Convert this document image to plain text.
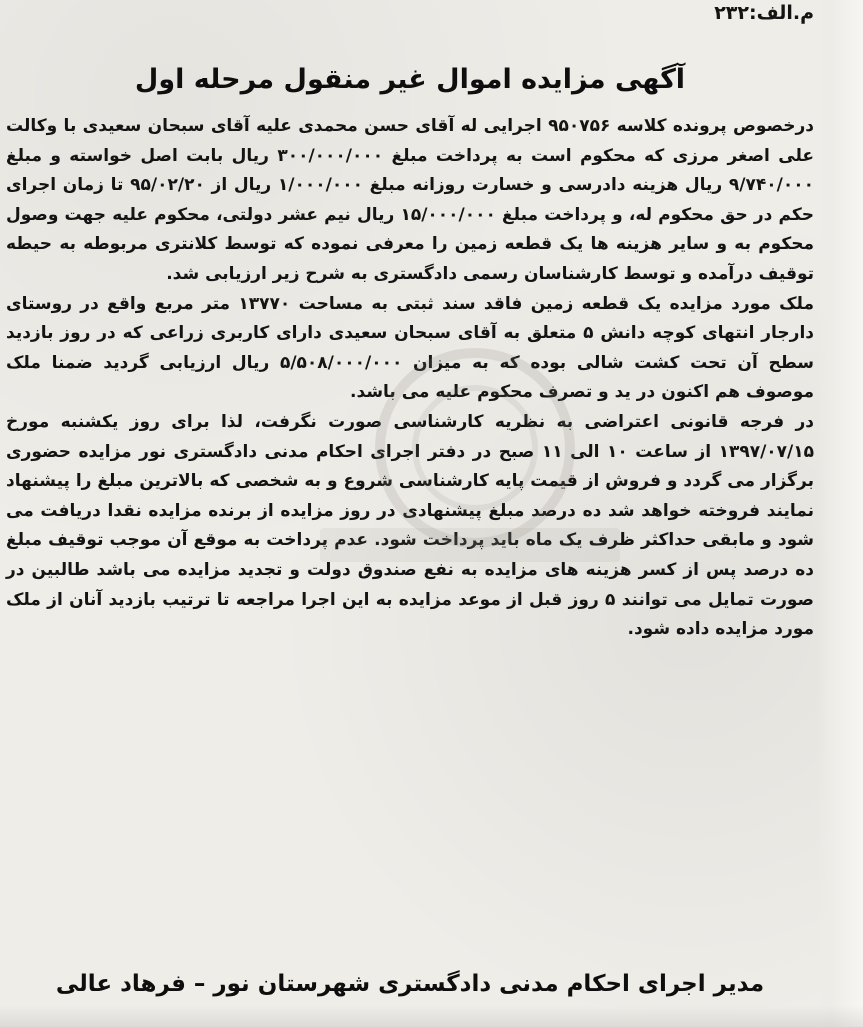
م.الف:۲۳۲
آگهی مزایده اموال غیر منقول مرحله اول

درخصوص پرونده کلاسه ۹۵۰۷۵۶ اجرایی له آقای حسن محمدی علیه آقای سبحان سعیدی با وکالت علی اصغر مرزی که محکوم است به پرداخت مبلغ ۳۰۰/۰۰۰/۰۰۰ ریال بابت اصل خواسته و مبلغ ۹/۷۴۰/۰۰۰ ریال هزینه دادرسی و خسارت روزانه مبلغ ۱/۰۰۰/۰۰۰ ریال از ۹۵/۰۲/۲۰ تا زمان اجرای حکم در حق محکوم له، و پرداخت مبلغ ۱۵/۰۰۰/۰۰۰ ریال نیم عشر دولتی، محکوم علیه جهت وصول محکوم به و سایر هزینه ها یک قطعه زمین را معرفی نموده که توسط کلانتری مربوطه به حیطه توقیف درآمده و توسط کارشناسان رسمی دادگستری به شرح زیر ارزیابی شد.

ملک مورد مزایده یک قطعه زمین فاقد سند ثبتی به مساحت ۱۳۷۷۰ متر مربع واقع در روستای دارجار انتهای کوچه دانش ۵ متعلق به آقای سبحان سعیدی دارای کاربری زراعی که در روز بازدید سطح آن تحت کشت شالی بوده که به میزان ۵/۵۰۸/۰۰۰/۰۰۰ ریال ارزیابی گردید ضمنا ملک موصوف هم اکنون در ید و تصرف محکوم علیه می باشد.

در فرجه قانونی اعتراضی به نظریه کارشناسی صورت نگرفت، لذا برای روز یکشنبه مورخ ۱۳۹۷/۰۷/۱۵ از ساعت ۱۰ الی ۱۱ صبح در دفتر اجرای احکام مدنی دادگستری نور مزایده حضوری برگزار می گردد و فروش از قیمت پایه کارشناسی شروع و به شخصی که بالاترین مبلغ را پیشنهاد نمایند فروخته خواهد شد ده درصد مبلغ پیشنهادی در روز مزایده از برنده مزایده نقدا دریافت می شود و مابقی حداکثر ظرف یک ماه باید پرداخت شود. عدم پرداخت به موقع آن موجب توقیف مبلغ ده درصد پس از کسر هزینه های مزایده به نفع صندوق دولت و تجدید مزایده می باشد طالبین در صورت تمایل می توانند ۵ روز قبل از موعد مزایده به این اجرا مراجعه تا ترتیب بازدید آنان از ملک مورد مزایده داده شود.

مدیر اجرای احکام مدنی دادگستری شهرستان نور – فرهاد عالی
